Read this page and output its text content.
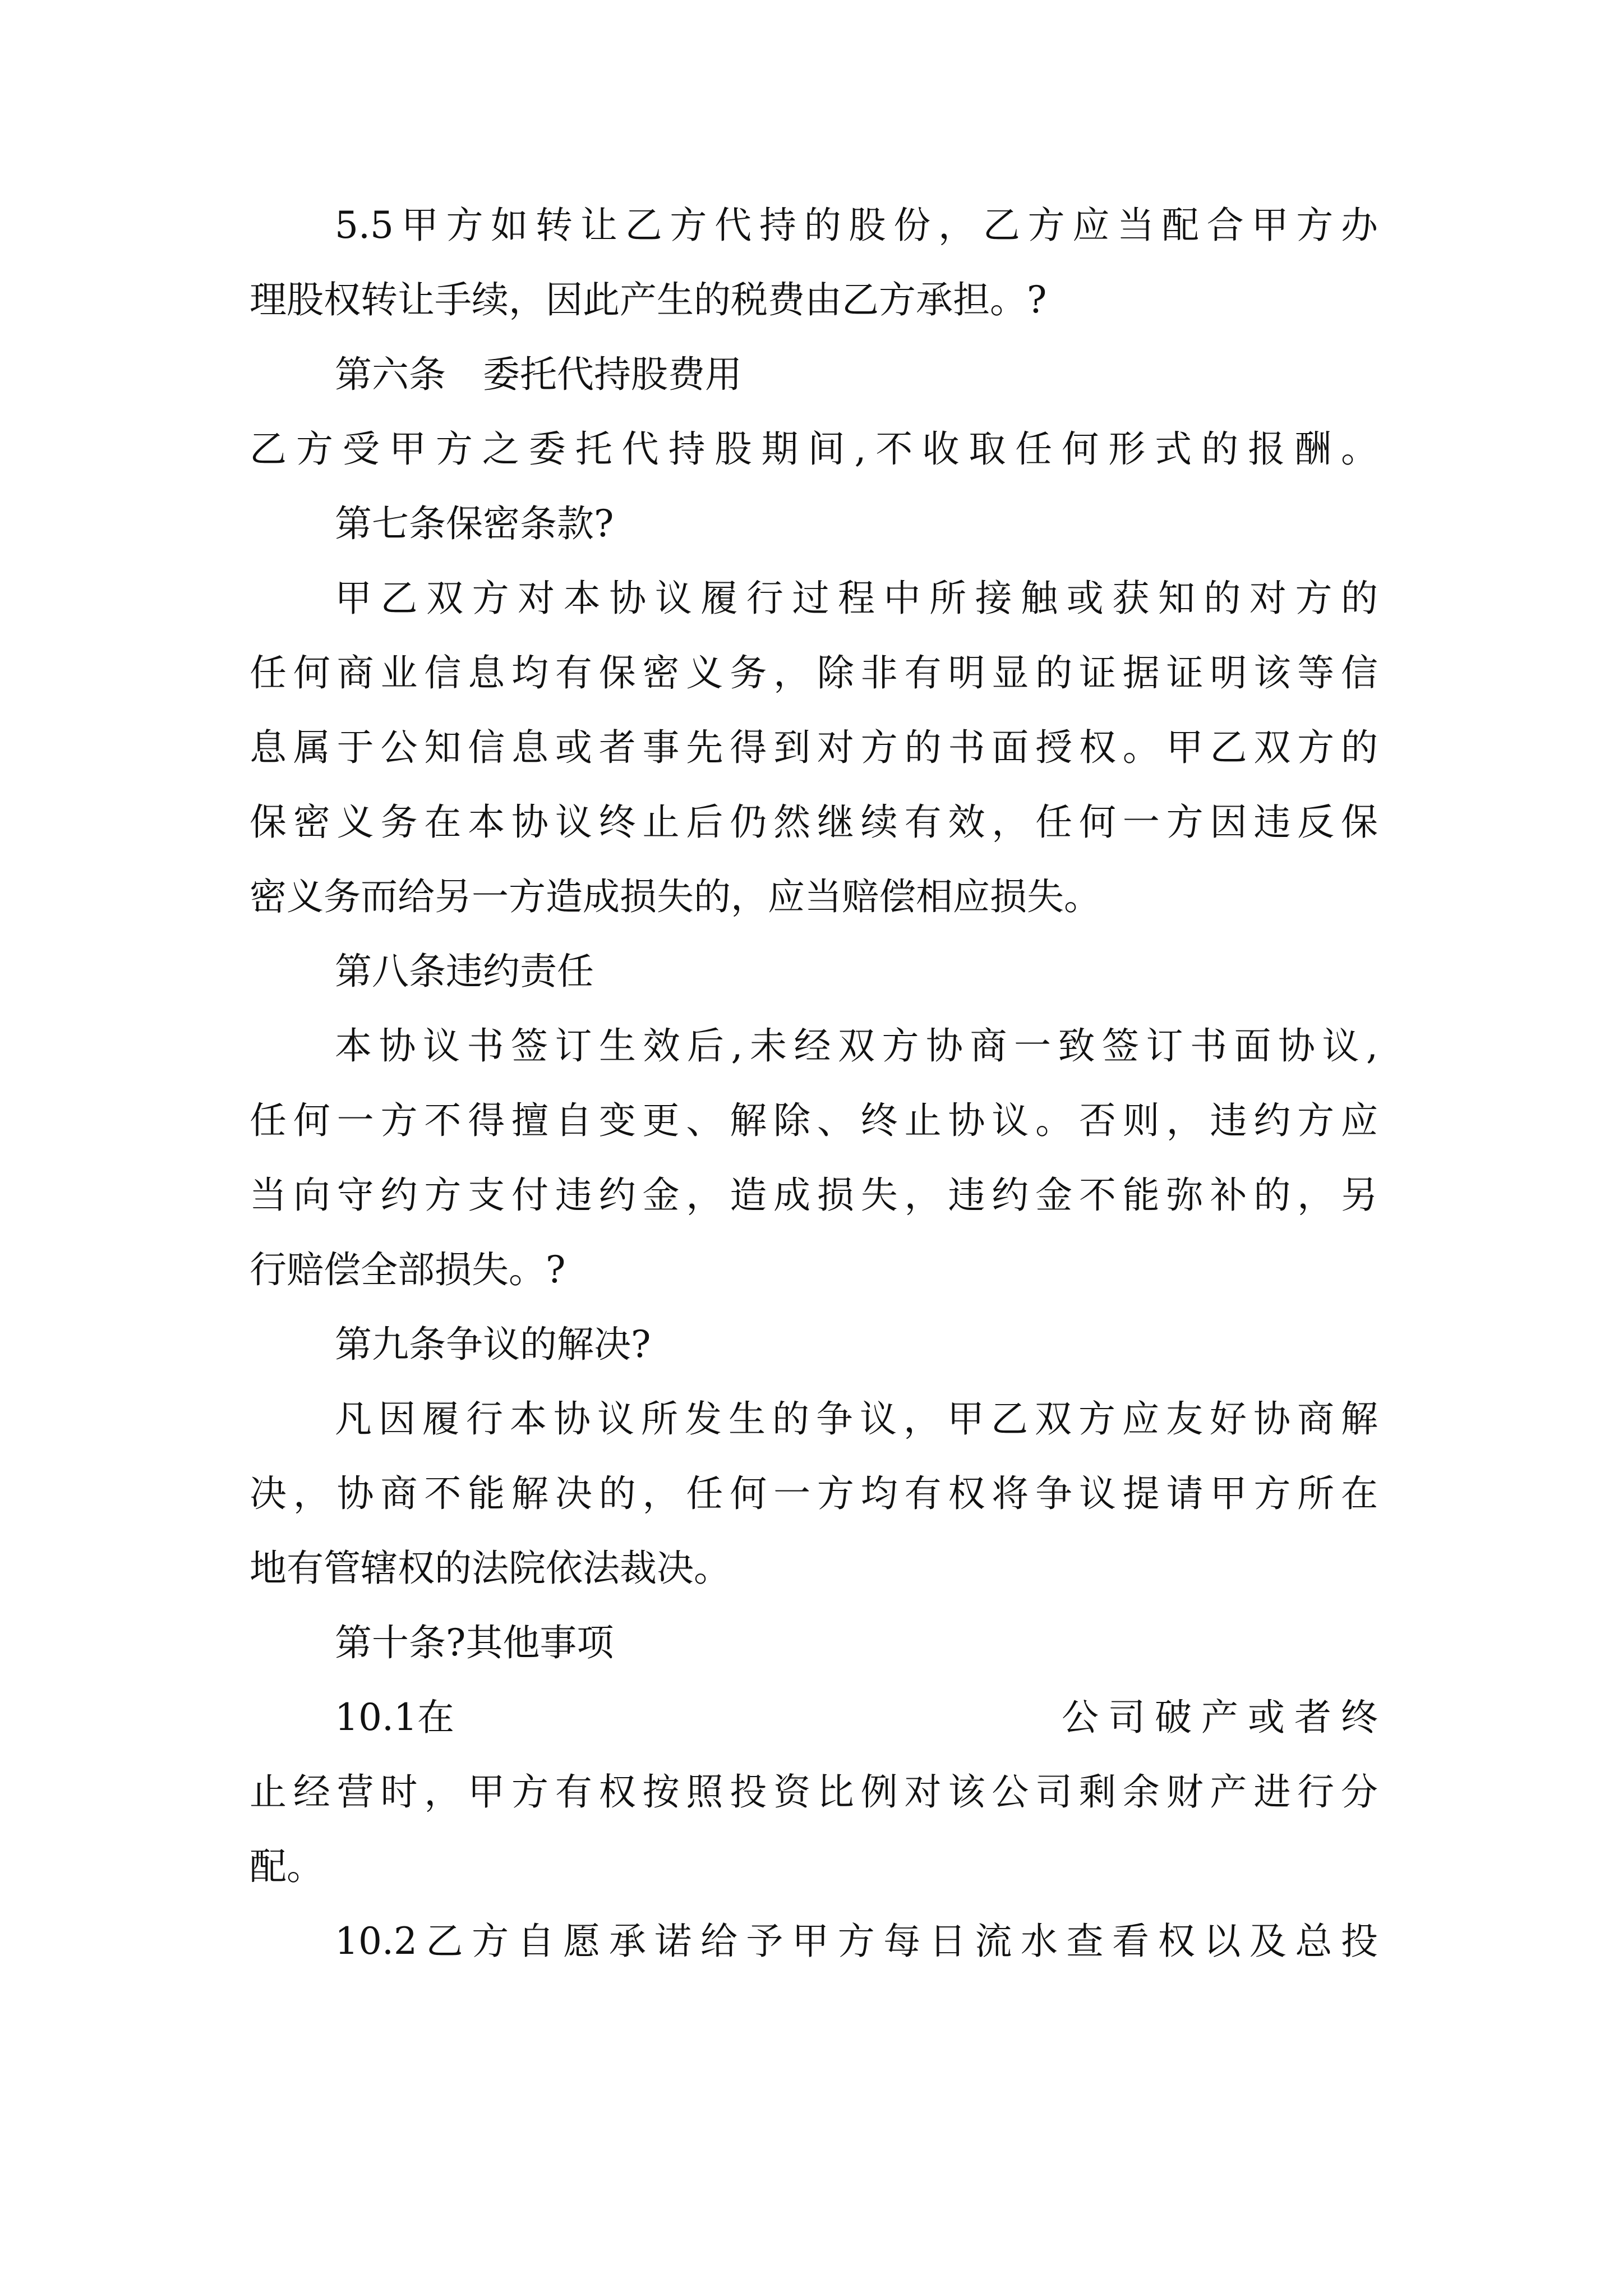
5.5甲方如转让乙方代持的股份，乙方应当配合甲方办
理股权转让手续，因此产生的税费由乙方承担。?
第六条　委托代持股费用
乙方受甲方之委托代持股期间,不收取任何形式的报酬。
第七条保密条款?
甲乙双方对本协议履行过程中所接触或获知的对方的
任何商业信息均有保密义务，除非有明显的证据证明该等信
息属于公知信息或者事先得到对方的书面授权。甲乙双方的
保密义务在本协议终止后仍然继续有效，任何一方因违反保
密义务而给另一方造成损失的，应当赔偿相应损失。
第八条违约责任
本协议书签订生效后,未经双方协商一致签订书面协议,
任何一方不得擅自变更、解除、终止协议。否则，违约方应
当向守约方支付违约金，造成损失，违约金不能弥补的，另
行赔偿全部损失。?
第九条争议的解决?
凡因履行本协议所发生的争议，甲乙双方应友好协商解
决，协商不能解决的，任何一方均有权将争议提请甲方所在
地有管辖权的法院依法裁决。
第十条?其他事项
10.1在	公司破产或者终
止经营时，甲方有权按照投资比例对该公司剩余财产进行分
配。
10.2乙方自愿承诺给予甲方每日流水查看权以及总投
